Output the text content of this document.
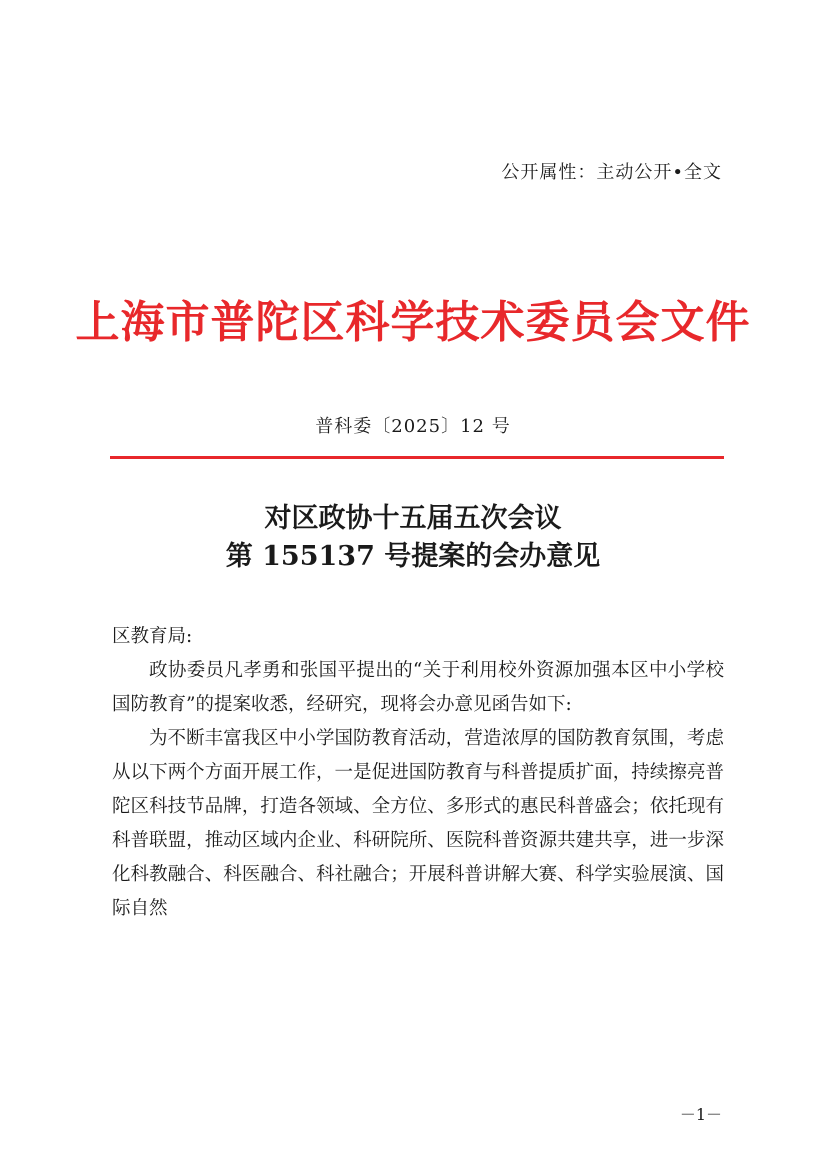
公开属性：主动公开•全文
上海市普陀区科学技术委员会文件
普科委〔2025〕12 号
对区政协十五届五次会议
第 155137 号提案的会办意见

区教育局:

政协委员凡孝勇和张国平提出的“关于利用校外资源加强本区中小学校国防教育”的提案收悉，经研究，现将会办意见函告如下:

为不断丰富我区中小学国防教育活动，营造浓厚的国防教育氛围，考虑从以下两个方面开展工作，一是促进国防教育与科普提质扩面，持续擦亮普陀区科技节品牌，打造各领域、全方位、多形式的惠民科普盛会；依托现有科普联盟，推动区域内企业、科研院所、医院科普资源共建共享，进一步深化科教融合、科医融合、科社融合；开展科普讲解大赛、科学实验展演、国际自然

－1－
